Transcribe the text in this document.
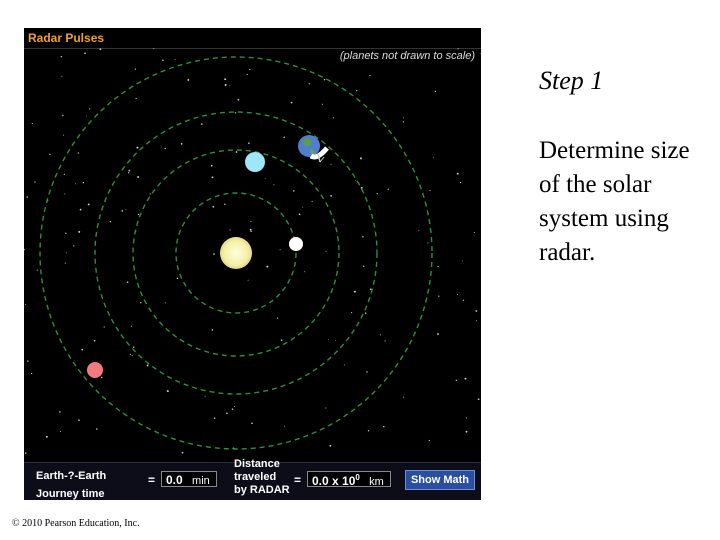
Radar Pulses
(planets not drawn to scale)
Earth-?-Earth
Journey time
= 0.0 min
Distance
traveled
by RADAR
= 0.0 x $10^0$ km	Show Math
Step 1
Determine size of the solar system using radar.
© 2010 Pearson Education, Inc.
